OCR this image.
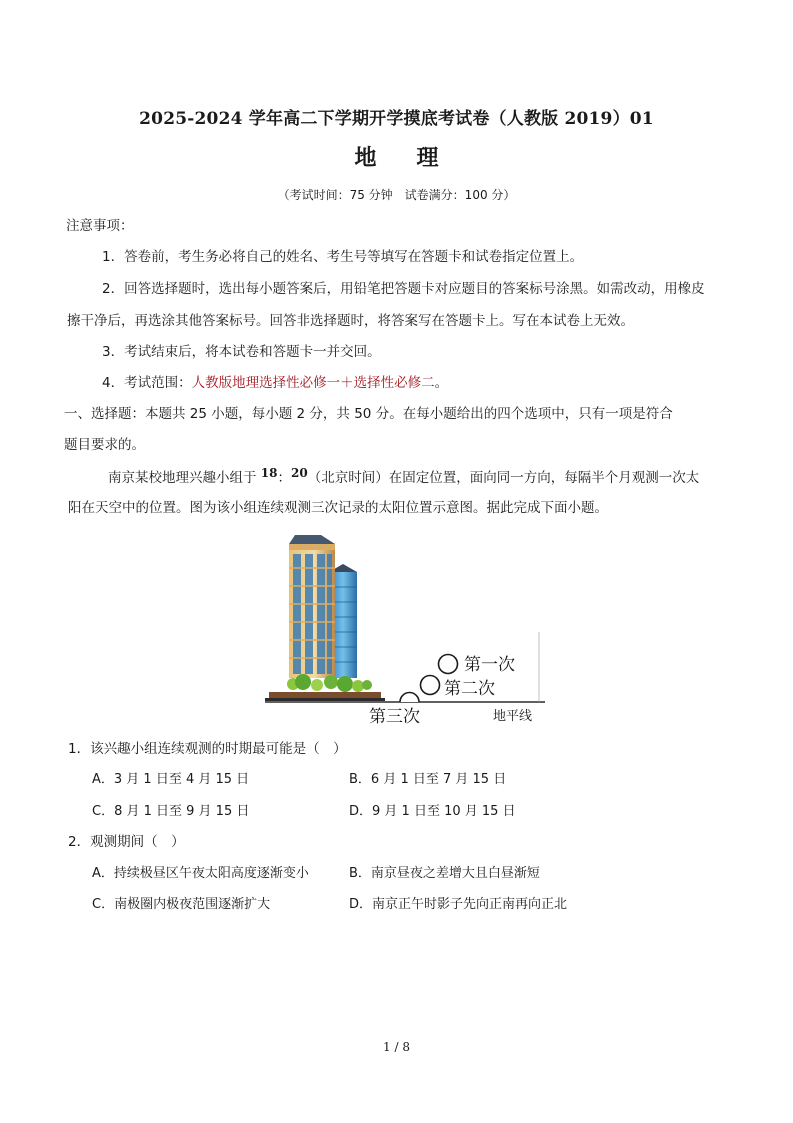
2025-2024 学年高二下学期开学摸底考试卷（人教版 2019）01
地 理
（考试时间：75 分钟　试卷满分：100 分）
注意事项：
1．答卷前，考生务必将自己的姓名、考生号等填写在答题卡和试卷指定位置上。
2．回答选择题时，选出每小题答案后，用铅笔把答题卡对应题目的答案标号涂黑。如需改动，用橡皮
擦干净后，再选涂其他答案标号。回答非选择题时，将答案写在答题卡上。写在本试卷上无效。
3．考试结束后，将本试卷和答题卡一并交回。
4．考试范围：人教版地理选择性必修一＋选择性必修二。
一、选择题：本题共 25 小题，每小题 2 分，共 50 分。在每小题给出的四个选项中，只有一项是符合
题目要求的。
南京某校地理兴趣小组于 18：20（北京时间）在固定位置，面向同一方向，每隔半个月观测一次太
阳在天空中的位置。图为该小组连续观测三次记录的太阳位置示意图。据此完成下面小题。
第一次
第二次
第三次	地平线
1．该兴趣小组连续观测的时期最可能是（　）
A．3 月 1 日至 4 月 15 日	B．6 月 1 日至 7 月 15 日
C．8 月 1 日至 9 月 15 日	D．9 月 1 日至 10 月 15 日
2．观测期间（　）
A．持续极昼区午夜太阳高度逐渐变小	B．南京昼夜之差增大且白昼渐短
C．南极圈内极夜范围逐渐扩大	D．南京正午时影子先向正南再向正北
1 / 8
